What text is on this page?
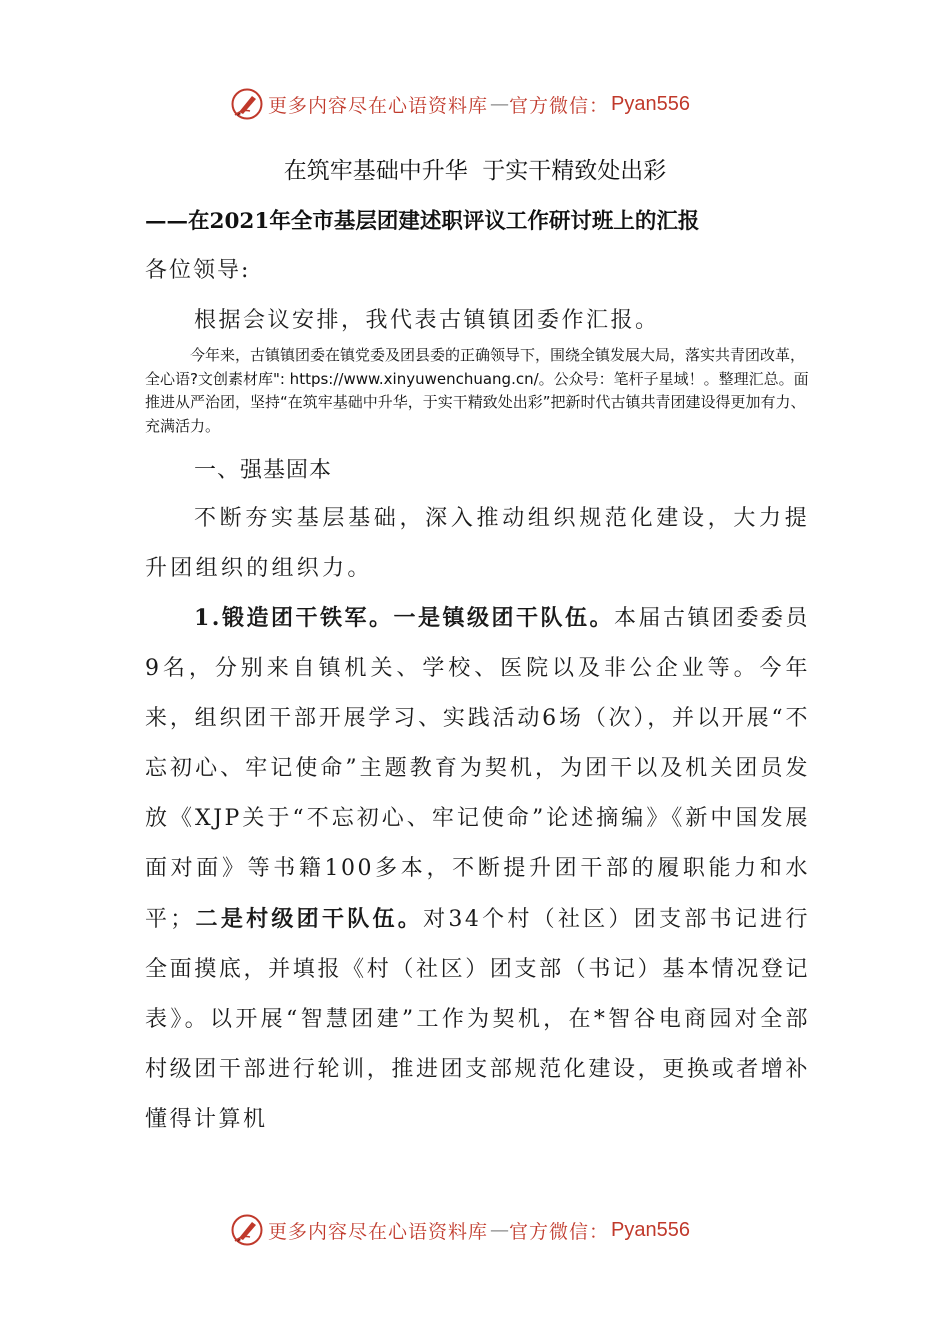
更多内容尽在心语资料库 — 官方微信： Pyan556
在筑牢基础中升华  于实干精致处出彩
——在2021年全市基层团建述职评议工作研讨班上的汇报
各位领导:
根据会议安排，我代表古镇镇团委作汇报。

今年来，古镇镇团委在镇党委及团县委的正确领导下，围绕全镇发展大局，落实共青团改革，全心语?文创素材库": https://www.xinyuwenchuang.cn/。公众号：笔杆子星域！。整理汇总。面推进从严治团，坚持“在筑牢基础中升华，于实干精致处出彩”把新时代古镇共青团建设得更加有力、充满活力。

一、强基固本

不断夯实基层基础，深入推动组织规范化建设，大力提升团组织的组织力。

1.锻造团干铁军。一是镇级团干队伍。本届古镇团委委员9名，分别来自镇机关、学校、医院以及非公企业等。今年来，组织团干部开展学习、实践活动6场（次），并以开展“不忘初心、牢记使命”主题教育为契机，为团干以及机关团员发放《XJP关于“不忘初心、牢记使命”论述摘编》《新中国发展面对面》等书籍100多本，不断提升团干部的履职能力和水平；二是村级团干队伍。对34个村（社区）团支部书记进行全面摸底，并填报《村（社区）团支部（书记）基本情况登记表》。以开展“智慧团建”工作为契机，在*智谷电商园对全部村级团干部进行轮训，推进团支部规范化建设，更换或者增补懂得计算机

更多内容尽在心语资料库 — 官方微信： Pyan556
